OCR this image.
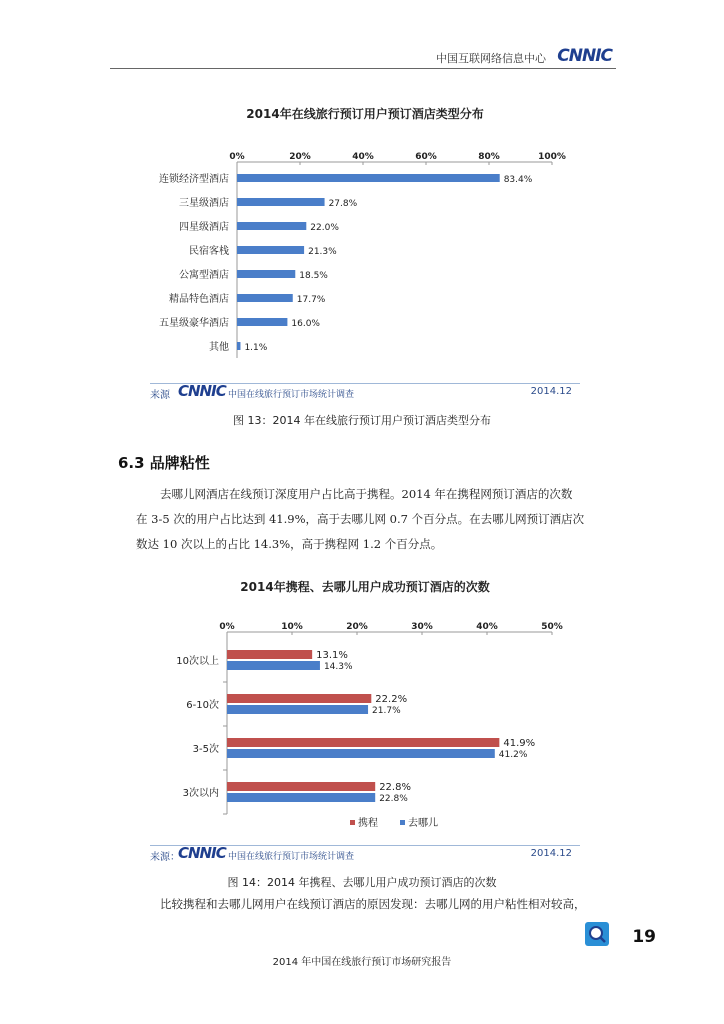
中国互联网络信息中心 CNNIC
2014年在线旅行预订用户预订酒店类型分布
0%	20%	40%	60%	80%	100%
连锁经济型酒店	83.4%
三星级酒店	27.8%
四星级酒店	22.0%
民宿客栈	21.3%
公寓型酒店	18.5%
精品特色酒店	17.7%
五星级豪华酒店	16.0%
其他 1.1%
来源 CNNIC 中国在线旅行预订市场统计调查	2014.12
图 13：2014 年在线旅行预订用户预订酒店类型分布
6.3 品牌粘性
去哪儿网酒店在线预订深度用户占比高于携程。2014 年在携程网预订酒店的次数
在 3-5 次的用户占比达到 41.9%，高于去哪儿网 0.7 个百分点。在去哪儿网预订酒店次
数达 10 次以上的占比 14.3%，高于携程网 1.2 个百分点。
2014年携程、去哪儿用户成功预订酒店的次数
0%	10%	20%	30%	40%	50%
10次以上
13.1%
14.3%
6-10次
22.2%
21.7%
3-5次
41.9%
41.2%
3次以内
22.8%
22.8%
携程	去哪儿
来源：
CNNIC 中国在线旅行预订市场统计调查	2014.12
图 14：2014 年携程、去哪儿用户成功预订酒店的次数
比较携程和去哪儿网用户在线预订酒店的原因发现：去哪儿网的用户粘性相对较高，
19
2014 年中国在线旅行预订市场研究报告
